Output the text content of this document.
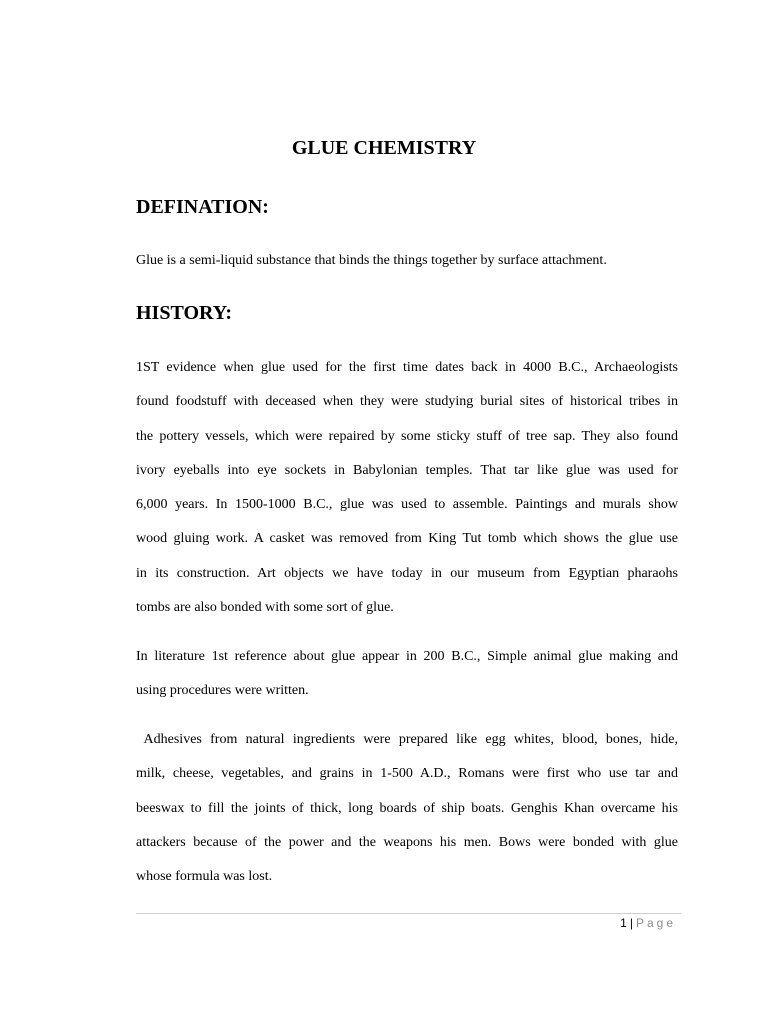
GLUE CHEMISTRY
DEFINATION:
Glue is a semi-liquid substance that binds the things together by surface attachment.
HISTORY:
1ST evidence when glue used for the first time dates back in 4000 B.C., Archaeologists
found foodstuff with deceased when they were studying burial sites of historical tribes in
the pottery vessels, which were repaired by some sticky stuff of tree sap. They also found
ivory eyeballs into eye sockets in Babylonian temples. That tar like glue was used for
6,000 years. In 1500-1000 B.C., glue was used to assemble. Paintings and murals show
wood gluing work. A casket was removed from King Tut tomb which shows the glue use
in its construction. Art objects we have today in our museum from Egyptian pharaohs
tombs are also bonded with some sort of glue.
In literature 1st reference about glue appear in 200 B.C., Simple animal glue making and
using procedures were written.
Adhesives from natural ingredients were prepared like egg whites, blood, bones, hide,
milk, cheese, vegetables, and grains in 1-500 A.D., Romans were first who use tar and
beeswax to fill the joints of thick, long boards of ship boats. Genghis Khan overcame his
attackers because of the power and the weapons his men. Bows were bonded with glue
whose formula was lost.
1 | Page
